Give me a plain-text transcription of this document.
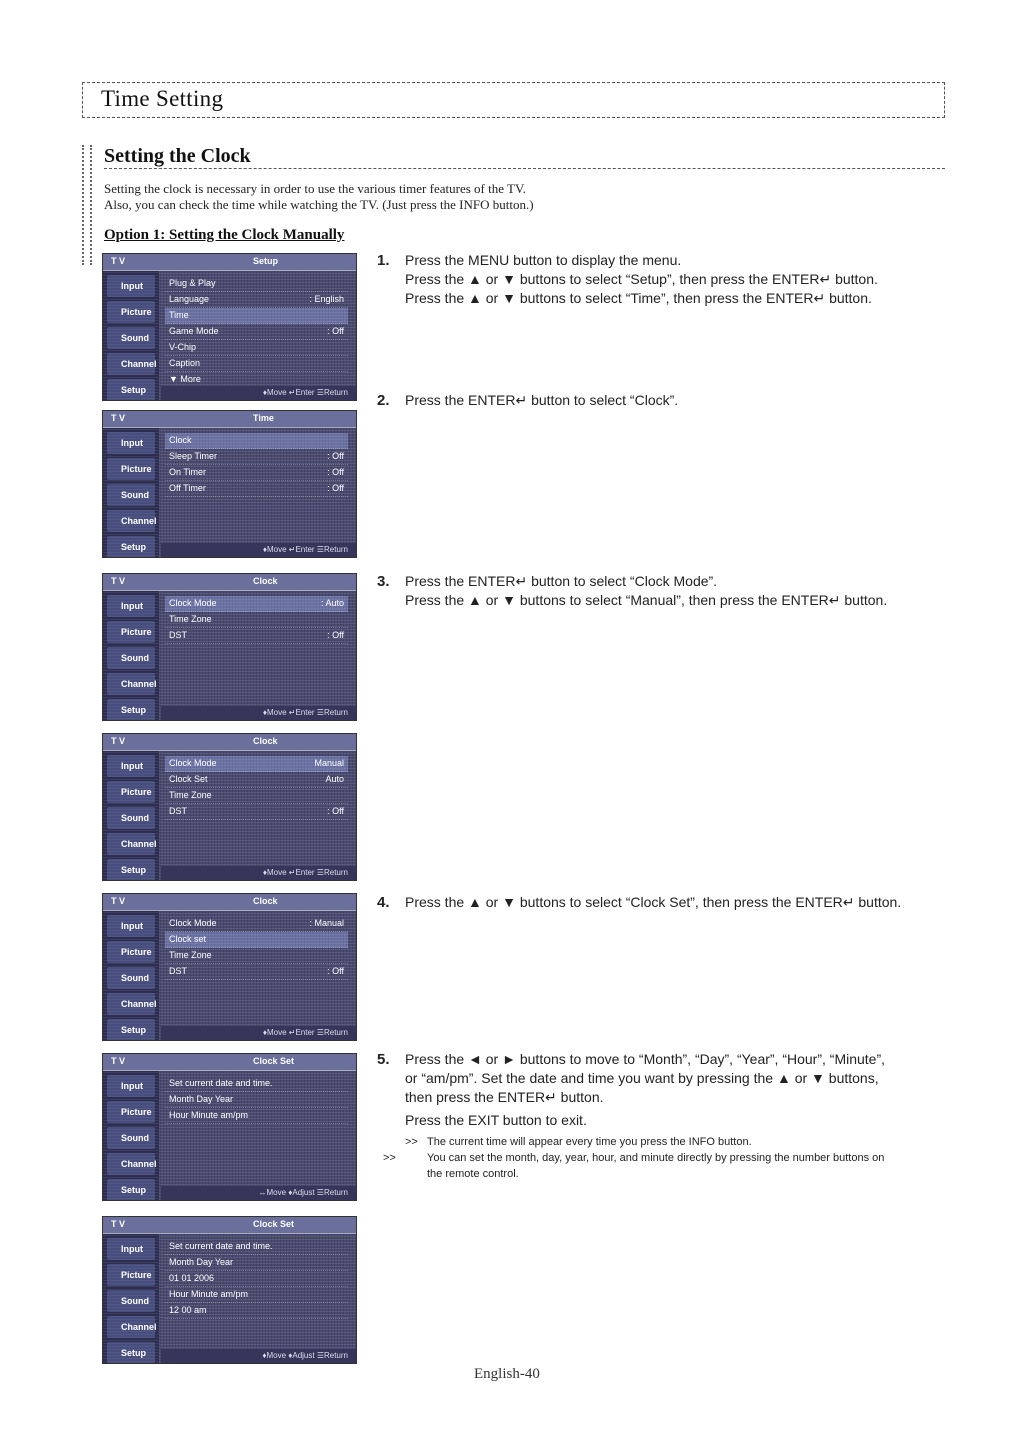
Time Setting
Setting the Clock
Setting the clock is necessary in order to use the various timer features of the TV.
Also, you can check the time while watching the TV. (Just press the INFO button.)
Option 1: Setting the Clock Manually
T V	Setup
Input
Picture
Sound
Channel
Setup
Plug & Play
Language	: English
Time
Game Mode	: Off
V-Chip
Caption
▼ More
♦Move ↵Enter ☰Return
T V	Time
Input
Picture
Sound
Channel
Setup
Clock
Sleep Timer	: Off
On Timer	: Off
Off Timer	: Off
♦Move ↵Enter ☰Return
T V	Clock
Input
Picture
Sound
Channel
Setup
Clock Mode	: Auto
Time Zone
DST	: Off
♦Move ↵Enter ☰Return
T V	Clock
Input
Picture
Sound
Channel
Setup
Clock Mode	Manual
Clock Set	Auto
Time Zone
DST	: Off
♦Move ↵Enter ☰Return
T V	Clock
Input
Picture
Sound
Channel
Setup
Clock Mode	: Manual
Clock set
Time Zone
DST	: Off
♦Move ↵Enter ☰Return
T V	Clock Set
Input
Picture
Sound
Channel
Setup
Set current date and time.
Month Day Year
Hour Minute am/pm
↔Move ♦Adjust ☰Return
T V	Clock Set
Input
Picture
Sound
Channel
Setup
Set current date and time.
Month Day Year
01 01 2006
Hour Minute am/pm
12 00 am
♦Move ♦Adjust ☰Return
1. Press the MENU button to display the menu.

Press the ▲ or ▼ buttons to select “Setup”, then press the ENTER↵ button.

Press the ▲ or ▼ buttons to select “Time”, then press the ENTER↵ button.

2. Press the ENTER↵ button to select “Clock”.

3. Press the ENTER↵ button to select “Clock Mode”.

Press the ▲ or ▼ buttons to select “Manual”, then press the ENTER↵ button.

4. Press the ▲ or ▼ buttons to select “Clock Set”, then press the ENTER↵ button.

5. Press the ◄ or ► buttons to move to “Month”, “Day”, “Year”, “Hour”, “Minute”,

or “am/pm”. Set the date and time you want by pressing the ▲ or ▼ buttons,

then press the ENTER↵ button.

Press the EXIT button to exit.

>> The current time will appear every time you press the INFO button.
>>	You can set the month, day, year, hour, and minute directly by pressing the number buttons on the remote control.
English-40
